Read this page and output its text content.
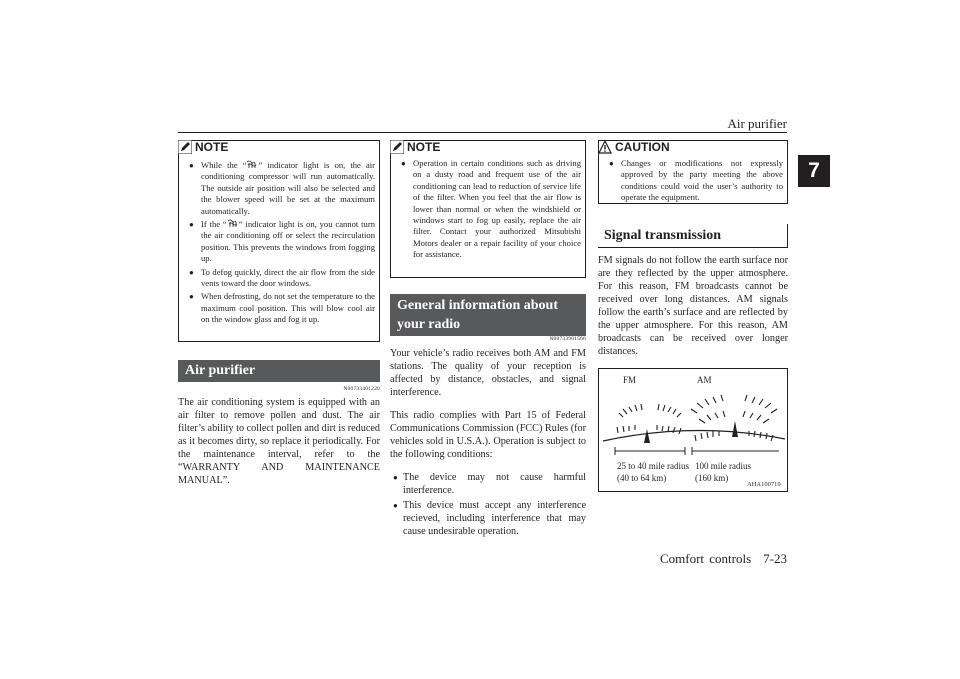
Air purifier
7
NOTE
● While the “ ” indicator light is on, the air conditioning compressor will run automatically. The outside air position will also be selected and the blower speed will be set at the maximum automatically.
● If the “ ” indicator light is on, you cannot turn the air conditioning off or select the recirculation position. This prevents the windows from fogging up.
● To defog quickly, direct the air flow from the side vents toward the door windows.
● When defrosting, do not set the temperature to the maximum cool position. This will blow cool air on the window glass and fog it up.
Air purifier
N00733401220
The air conditioning system is equipped with an air filter to remove pollen and dust. The air filter’s ability to collect pollen and dirt is reduced as it becomes dirty, so replace it periodically. For the maintenance interval, refer to the “WARRANTY AND MAINTENANCE MANUAL”.
NOTE
● Operation in certain conditions such as driving on a dusty road and frequent use of the air conditioning can lead to reduction of service life of the filter. When you feel that the air flow is lower than normal or when the windshield or windows start to fog up easily, replace the air filter. Contact your authorized Mitsubishi Motors dealer or a repair facility of your choice for assistance.
General information about your radio
N00733901566

Your vehicle’s radio receives both AM and FM stations. The quality of your reception is affected by distance, obstacles, and signal interference.

This radio complies with Part 15 of Federal Communications Commission (FCC) Rules (for vehicles sold in U.S.A.). Operation is subject to the following conditions:

● The device may not cause harmful interference.
● This device must accept any interference recieved, including interference that may cause undesirable operation.
CAUTION
● Changes or modifications not expressly approved by the party meeting the above conditions could void the user’s authority to operate the equipment.
Signal transmission
FM signals do not follow the earth surface nor are they reflected by the upper atmosphere. For this reason, FM broadcasts cannot be received over long distances. AM signals follow the earth’s surface and are reflected by the upper atmosphere. For this reason, AM broadcasts can be received over longer distances.
FM	AM
25 to 40 mile radius
(40 to 64 km)
100 mile radius
(160 km)
AHA100719
Comfort controls 7-23
